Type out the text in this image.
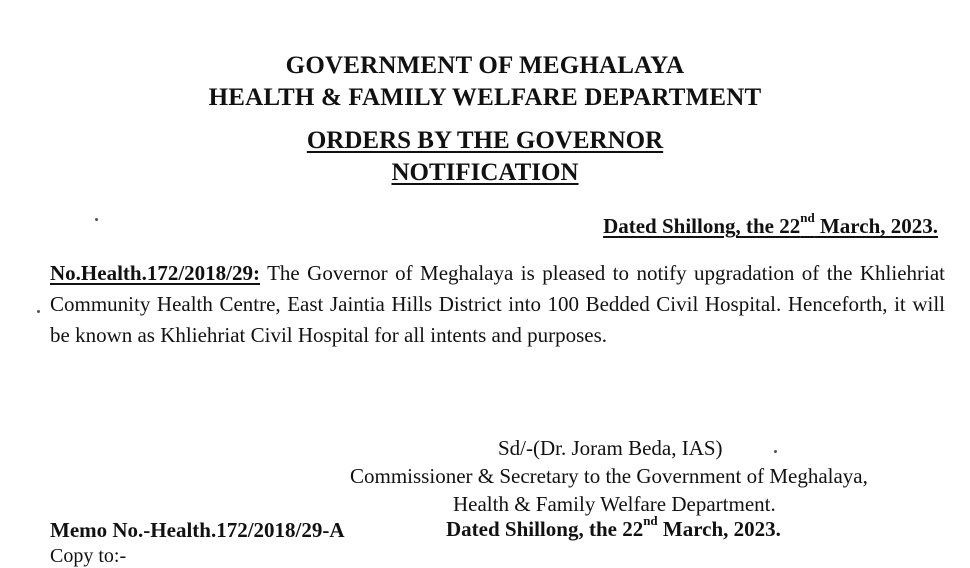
GOVERNMENT OF MEGHALAYA
HEALTH & FAMILY WELFARE DEPARTMENT
ORDERS BY THE GOVERNOR
NOTIFICATION
Dated Shillong, the 22nd March, 2023.
No.Health.172/2018/29: The Governor of Meghalaya is pleased to notify upgradation of the Khliehriat Community Health Centre, East Jaintia Hills District into 100 Bedded Civil Hospital. Henceforth, it will be known as Khliehriat Civil Hospital for all intents and purposes.
Sd/-(Dr. Joram Beda, IAS)
Commissioner & Secretary to the Government of Meghalaya,
Health & Family Welfare Department.
Memo No.-Health.172/2018/29-A	Dated Shillong, the 22nd March, 2023.
Copy to:-
